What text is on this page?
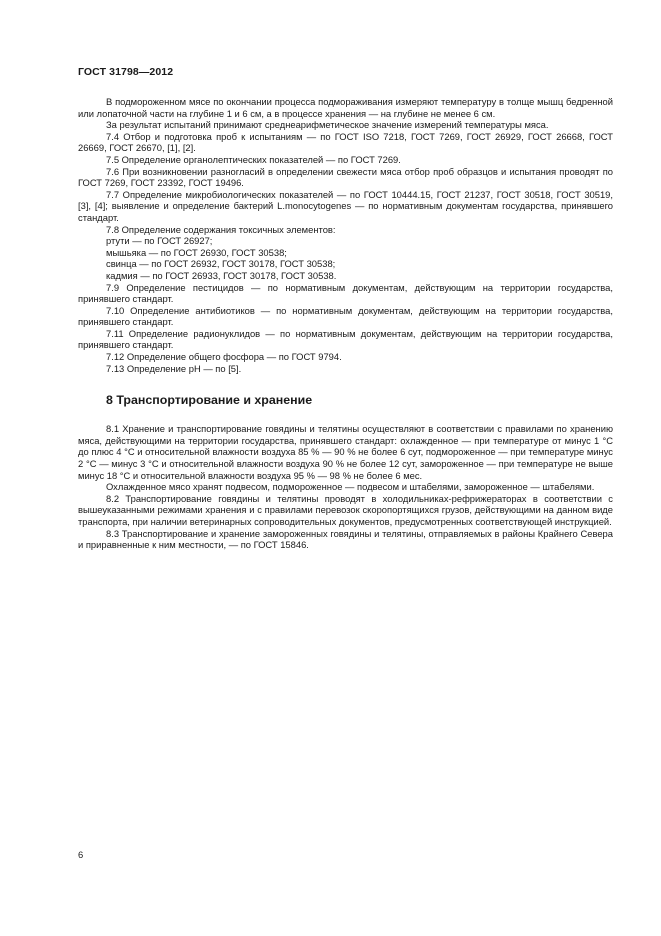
ГОСТ 31798—2012

В подмороженном мясе по окончании процесса подмораживания измеряют температуру в толще мышц бедренной или лопаточной части на глубине 1 и 6 см, а в процессе хранения — на глубине не менее 6 см.

За результат испытаний принимают среднеарифметическое значение измерений температуры мяса.

7.4 Отбор и подготовка проб к испытаниям — по ГОСТ ISO 7218, ГОСТ 7269, ГОСТ 26929, ГОСТ 26668, ГОСТ 26669, ГОСТ 26670, [1], [2].

7.5 Определение органолептических показателей — по ГОСТ 7269.

7.6 При возникновении разногласий в определении свежести мяса отбор проб образцов и испытания проводят по ГОСТ 7269, ГОСТ 23392, ГОСТ 19496.

7.7 Определение микробиологических показателей — по ГОСТ 10444.15, ГОСТ 21237, ГОСТ 30518, ГОСТ 30519, [3], [4]; выявление и определение бактерий L.monocytogenes — по нормативным документам государства, принявшего стандарт.

7.8 Определение содержания токсичных элементов:

ртути — по ГОСТ 26927;

мышьяка — по ГОСТ 26930, ГОСТ 30538;

свинца — по ГОСТ 26932, ГОСТ 30178, ГОСТ 30538;

кадмия — по ГОСТ 26933, ГОСТ 30178, ГОСТ 30538.

7.9 Определение пестицидов — по нормативным документам, действующим на территории государства, принявшего стандарт.

7.10 Определение антибиотиков — по нормативным документам, действующим на территории государства, принявшего стандарт.

7.11 Определение радионуклидов — по нормативным документам, действующим на территории государства, принявшего стандарт.

7.12 Определение общего фосфора — по ГОСТ 9794.

7.13 Определение pH — по [5].

8 Транспортирование и хранение

8.1 Хранение и транспортирование говядины и телятины осуществляют в соответствии с правилами по хранению мяса, действующими на территории государства, принявшего стандарт: охлажденное — при температуре от минус 1 °С до плюс 4 °С и относительной влажности воздуха 85 % — 90 % не более 6 сут, подмороженное — при температуре минус 2 °С — минус 3 °С и относительной влажности воздуха 90 % не более 12 сут, замороженное — при температуре не выше минус 18 °С и относительной влажности воздуха 95 % — 98 % не более 6 мес.

Охлажденное мясо хранят подвесом, подмороженное — подвесом и штабелями, замороженное — штабелями.

8.2 Транспортирование говядины и телятины проводят в холодильниках-рефрижераторах в соответствии с вышеуказанными режимами хранения и с правилами перевозок скоропортящихся грузов, действующими на данном виде транспорта, при наличии ветеринарных сопроводительных документов, предусмотренных соответствующей инструкцией.

8.3 Транспортирование и хранение замороженных говядины и телятины, отправляемых в районы Крайнего Севера и приравненные к ним местности, — по ГОСТ 15846.

6
